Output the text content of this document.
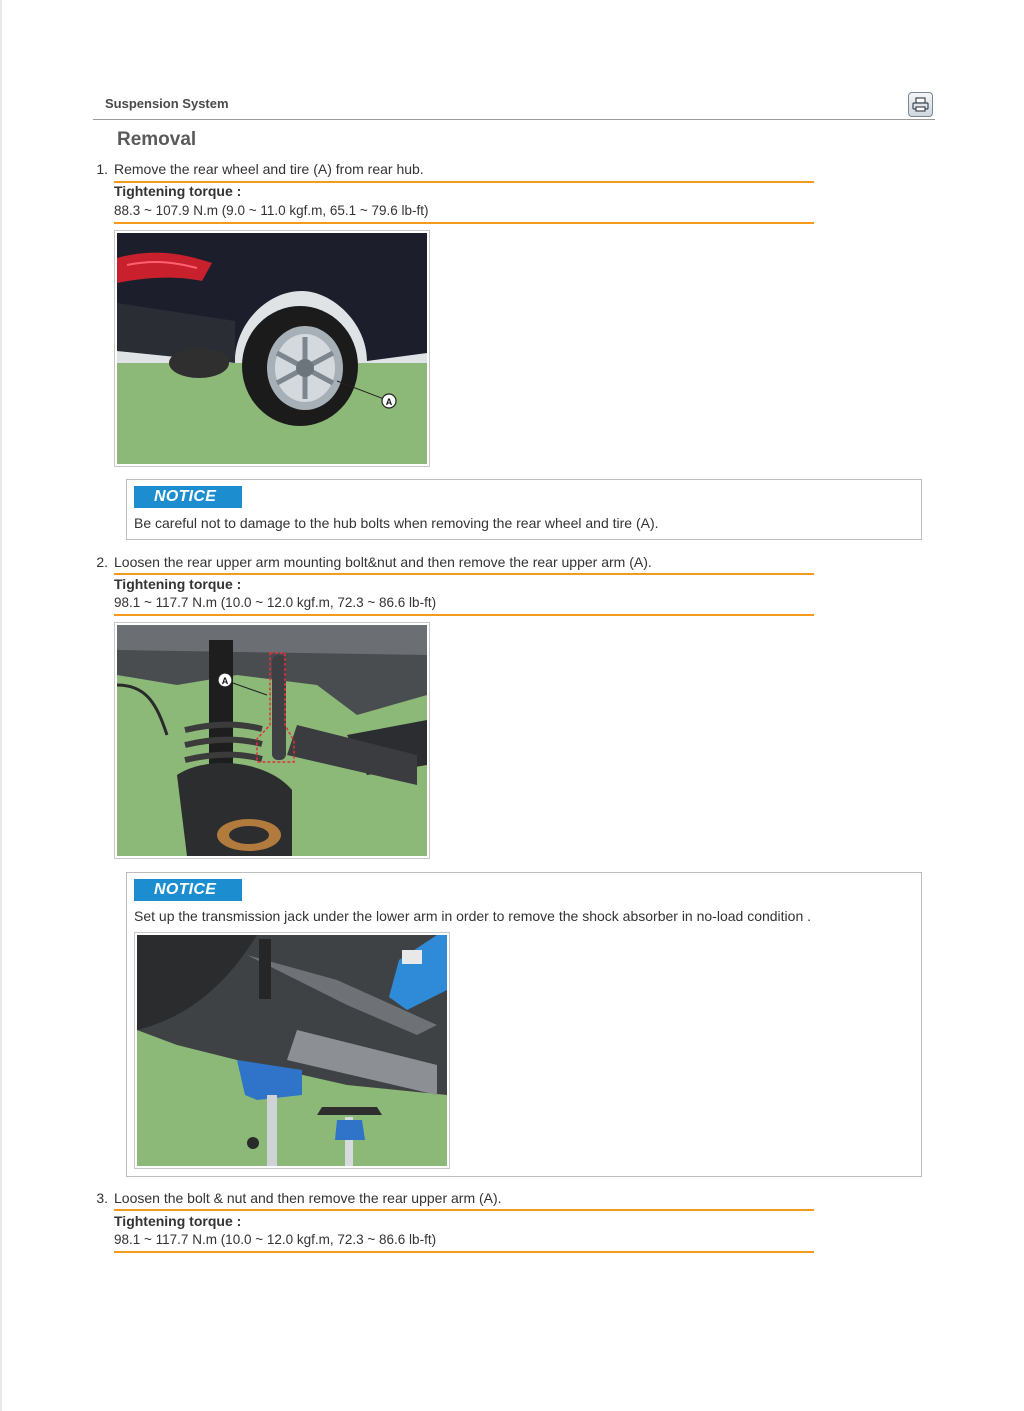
Suspension System
Removal
1. Remove the rear wheel and tire (A) from rear hub.
Tightening torque :
88.3 ~ 107.9 N.m (9.0 ~ 11.0 kgf.m, 65.1 ~ 79.6 lb-ft)
A
NOTICE
Be careful not to damage to the hub bolts when removing the rear wheel and tire (A).
2. Loosen the rear upper arm mounting bolt&nut and then remove the rear upper arm (A).
Tightening torque :
98.1 ~ 117.7 N.m (10.0 ~ 12.0 kgf.m, 72.3 ~ 86.6 lb-ft)
A
NOTICE
Set up the transmission jack under the lower arm in order to remove the shock absorber in no-load condition .
3. Loosen the bolt & nut and then remove the rear upper arm (A).
Tightening torque :
98.1 ~ 117.7 N.m (10.0 ~ 12.0 kgf.m, 72.3 ~ 86.6 lb-ft)
